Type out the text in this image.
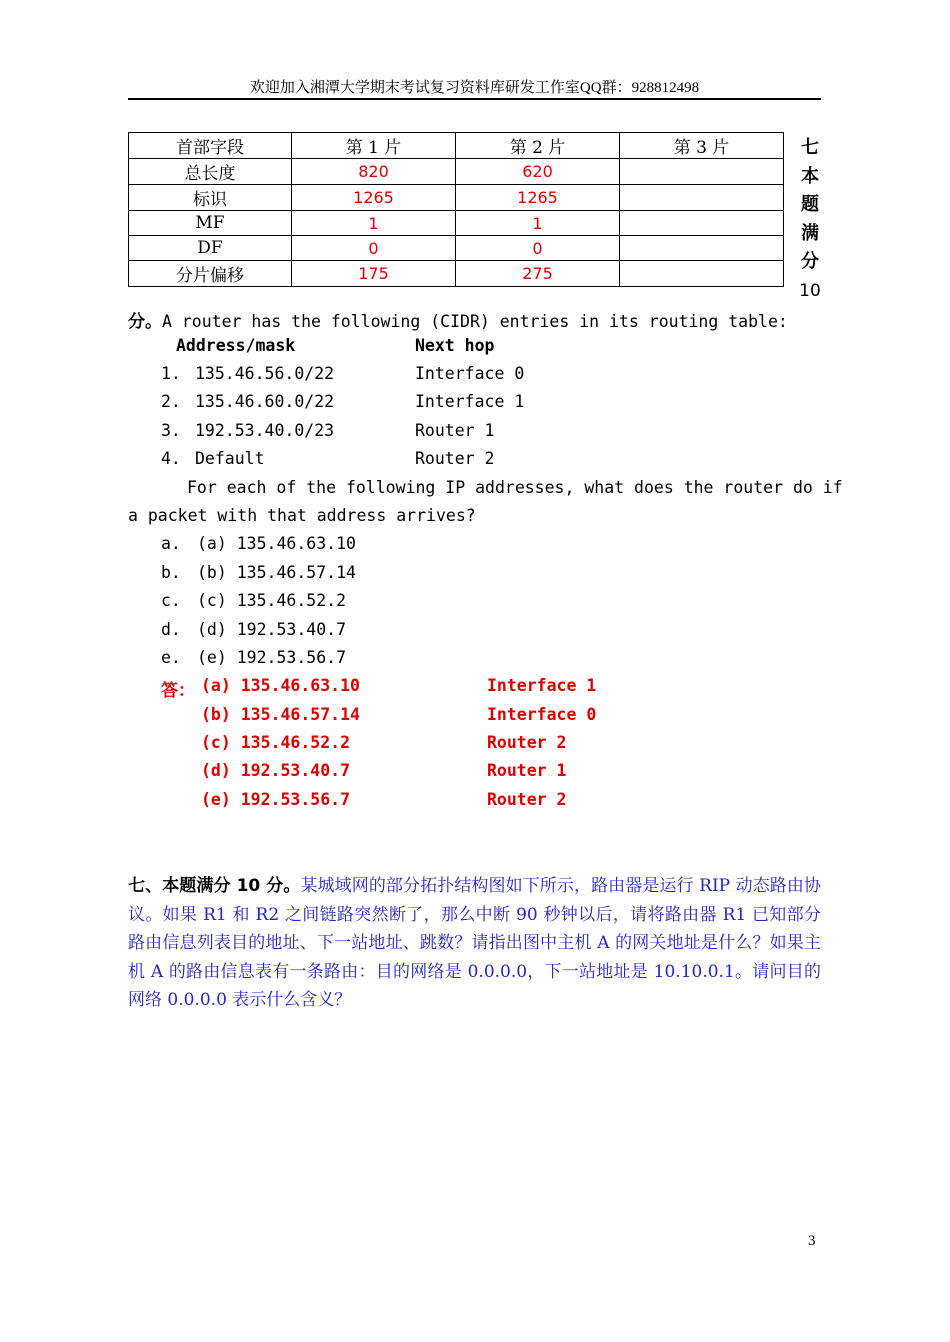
欢迎加入湘潭大学期末考试复习资料库研发工作室QQ群：928812498
首部字段	第 1 片	第 2 片	第 3 片
总长度	820	620	
标识	1265	1265	
MF	1	1	
DF	0	0	
分片偏移	175	275	
七
本
题
满
分
10
分。A router has the following (CIDR) entries in its routing table:
Address/mask	Next hop
1. 135.46.56.0/22	Interface 0
2. 135.46.60.0/22	Interface 1
3. 192.53.40.0/23	Router 1
4. Default	Router 2
For each of the following IP addresses, what does the router do if
a packet with that address arrives?
a. (a) 135.46.63.10
b. (b) 135.46.57.14
c. (c) 135.46.52.2
d. (d) 192.53.40.7
e. (e) 192.53.56.7
答： (a) 135.46.63.10	Interface 1
(b) 135.46.57.14	Interface 0
(c) 135.46.52.2	Router 2
(d) 192.53.40.7	Router 1
(e) 192.53.56.7	Router 2
七、本题满分 10 分。某城域网的部分拓扑结构图如下所示，路由器是运行 RIP 动态路由协议。如果 R1 和 R2 之间链路突然断了，那么中断 90 秒钟以后，请将路由器 R1 已知部分路由信息列表目的地址、下一站地址、跳数？请指出图中主机 A 的网关地址是什么？如果主机 A 的路由信息表有一条路由：目的网络是 0.0.0.0，下一站地址是 10.10.0.1。请问目的网络 0.0.0.0 表示什么含义？
3
